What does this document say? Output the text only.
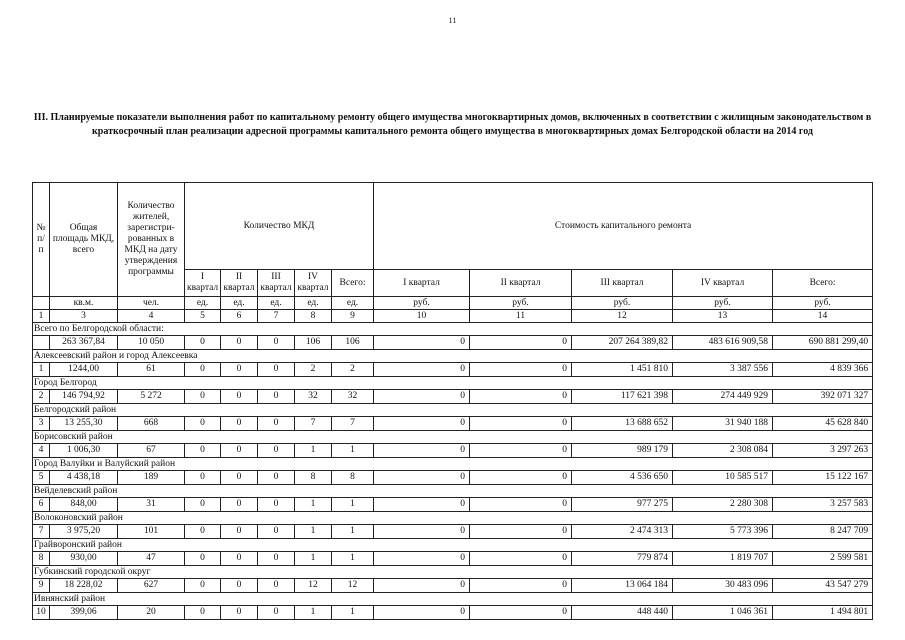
11
III. Планируемые показатели выполнения работ по капитальному ремонту общего имущества многоквартирных домов, включенных в соответствии с жилищным законодательством в краткосрочный план реализации адресной программы капитального ремонта общего имущества в многоквартирных домах Белгородской области на 2014 год
№ п/п	Общая площадь МКД, всего	Количество жителей, зарегистри-рованных в МКД на дату утверждения программы	Количество МКД					Стоимость капитального ремонта				
			I квартал	II квартал	III квартал	IV квартал	Всего:	I квартал	II квартал	III квартал	IV квартал	Всего:
	кв.м.	чел.	ед.	ед.	ед.	ед.	ед.	руб.	руб.	руб.	руб.	руб.
1	3	4	5	6	7	8	9	10	11	12	13	14
Всего по Белгородской области:												
	263 367,84	10 050	0	0	0	106	106	0	0	207 264 389,82	483 616 909,58	690 881 299,40
Алексеевский район и город Алексеевка												
1	1244,00	61	0	0	0	2	2	0	0	1 451 810	3 387 556	4 839 366
Город Белгород												
2	146 794,92	5 272	0	0	0	32	32	0	0	117 621 398	274 449 929	392 071 327
Белгородский район												
3	13 255,30	668	0	0	0	7	7	0	0	13 688 652	31 940 188	45 628 840
Борисовский район												
4	1 006,30	67	0	0	0	1	1	0	0	989 179	2 308 084	3 297 263
Город Валуйки и Валуйский район												
5	4 438,18	189	0	0	0	8	8	0	0	4 536 650	10 585 517	15 122 167
Вейделевский район												
6	848,00	31	0	0	0	1	1	0	0	977 275	2 280 308	3 257 583
Волоконовский район												
7	3 975,20	101	0	0	0	1	1	0	0	2 474 313	5 773 396	8 247 709
Грайворонский район												
8	930,00	47	0	0	0	1	1	0	0	779 874	1 819 707	2 599 581
Губкинский городской округ												
9	18 228,02	627	0	0	0	12	12	0	0	13 064 184	30 483 096	43 547 279
Ивнянский район												
10	399,06	20	0	0	0	1	1	0	0	448 440	1 046 361	1 494 801
